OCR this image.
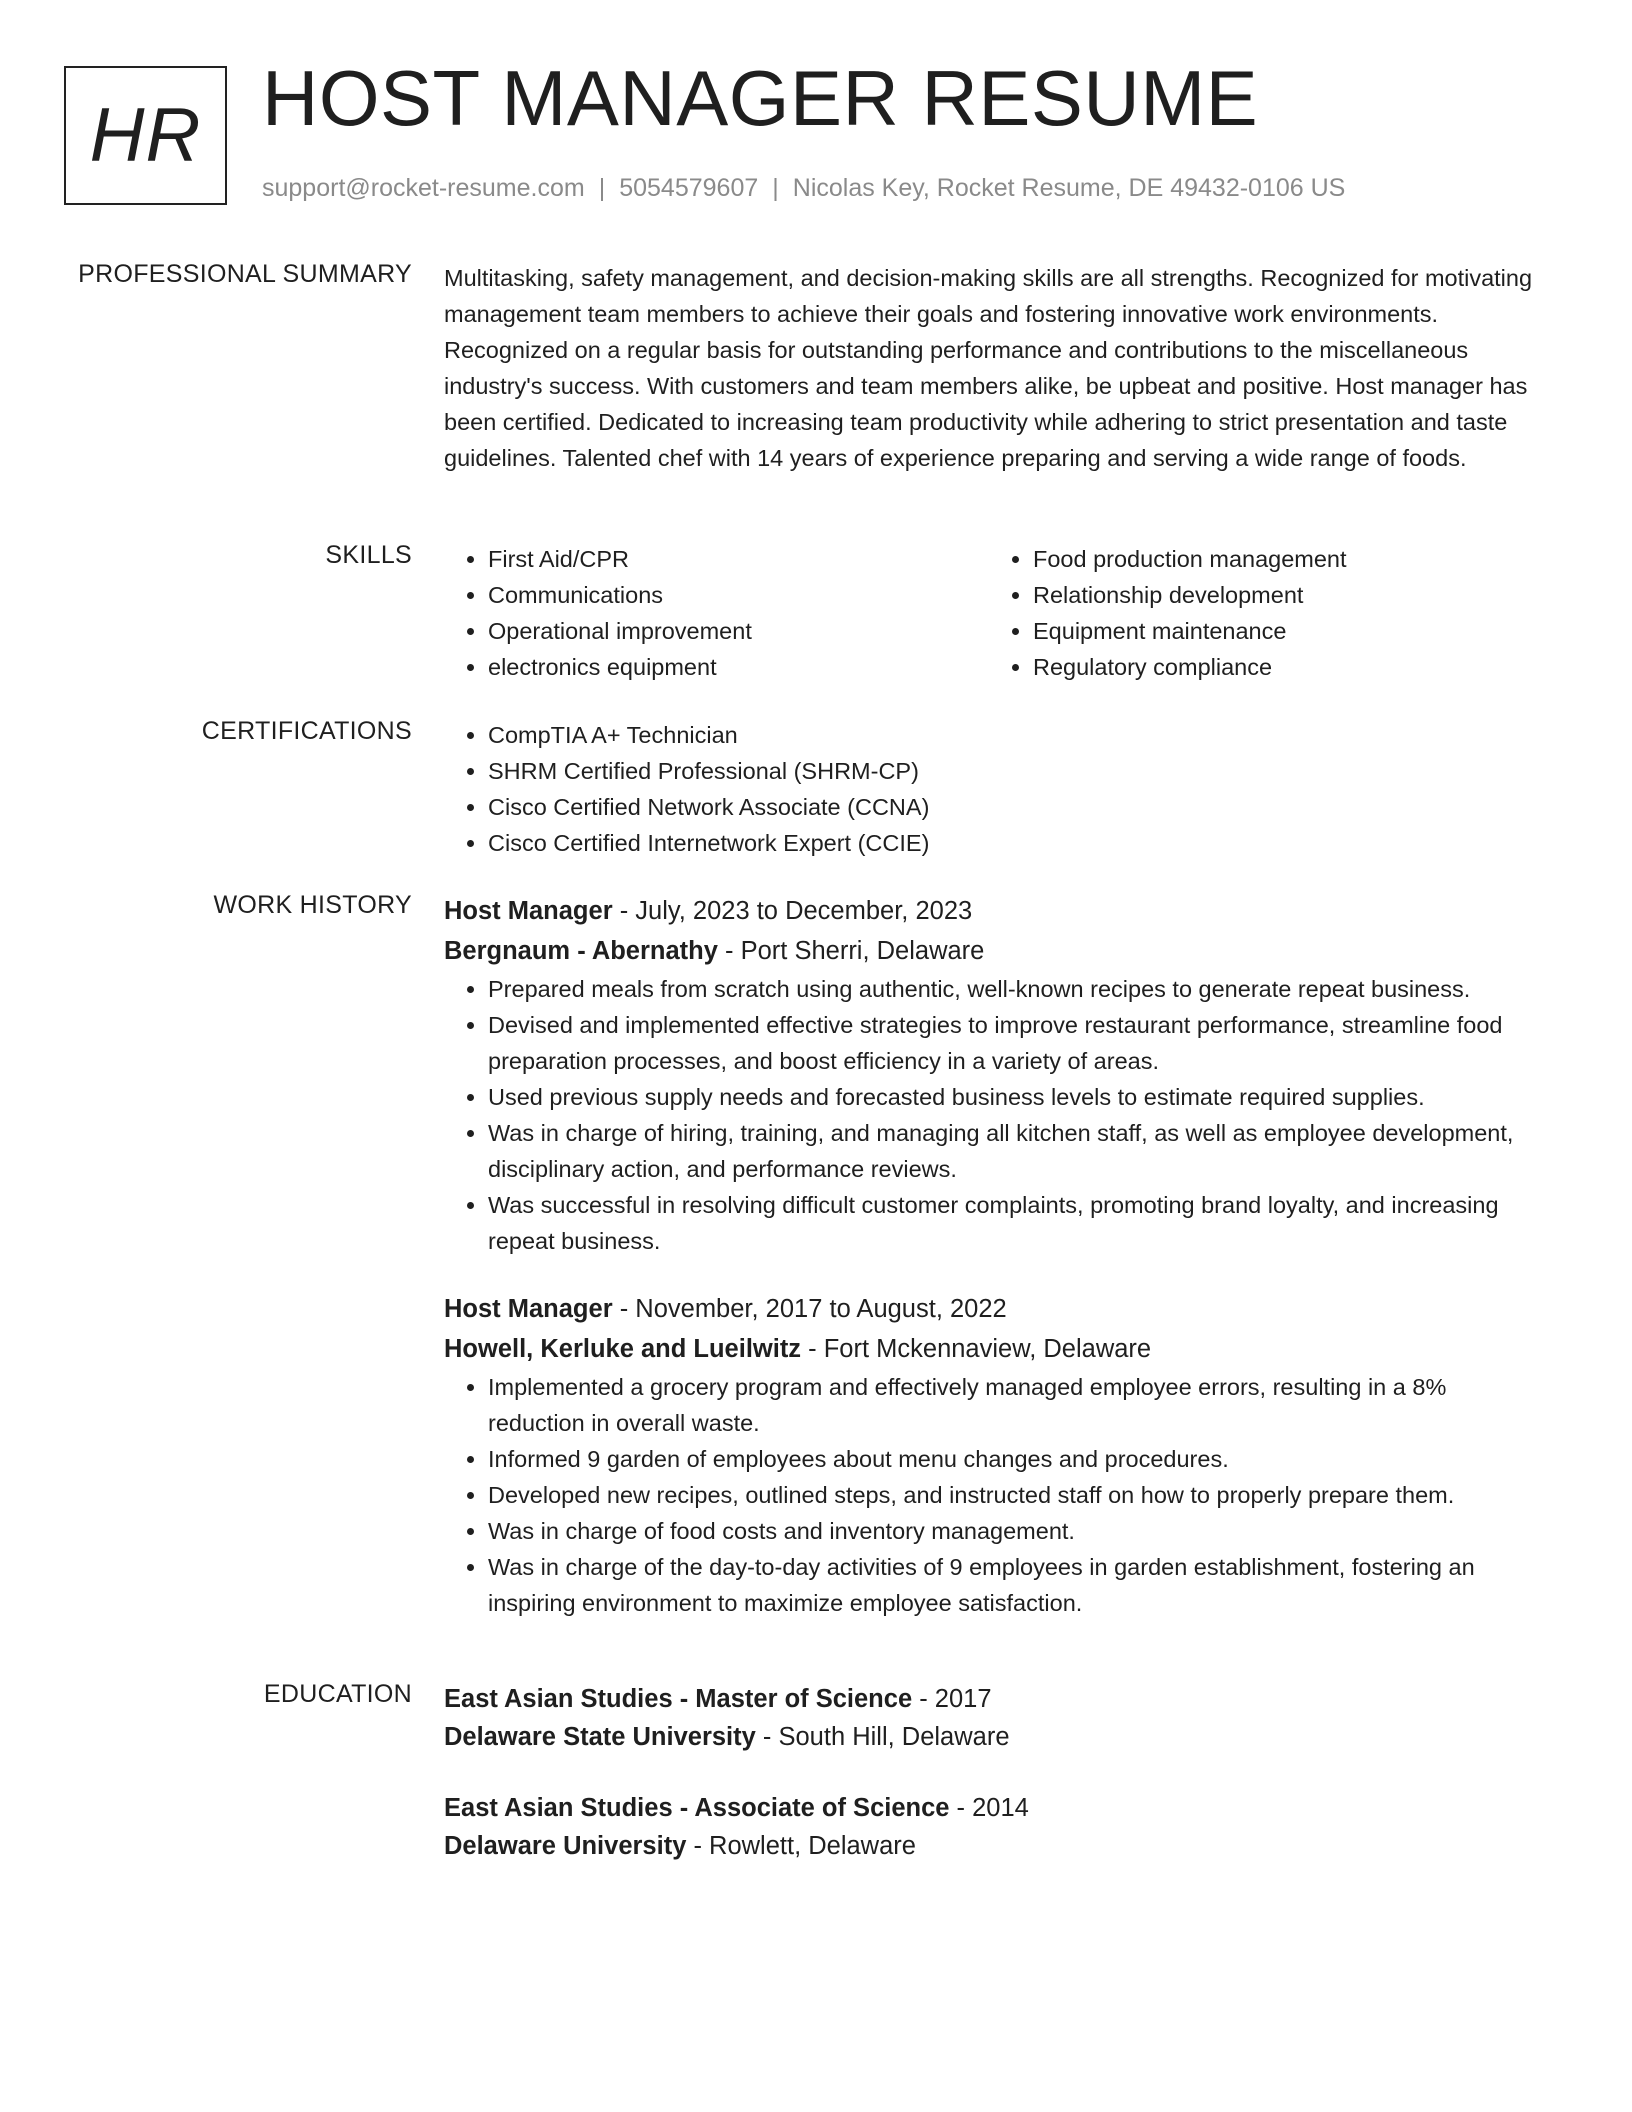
HR HOST MANAGER RESUME
support@rocket-resume.com | 5054579607 | Nicolas Key, Rocket Resume, DE 49432-0106 US
PROFESSIONAL SUMMARY Multitasking, safety management, and decision-making skills are all strengths. Recognized for motivating management team members to achieve their goals and fostering innovative work environments. Recognized on a regular basis for outstanding performance and contributions to the miscellaneous industry's success. With customers and team members alike, be upbeat and positive. Host manager has been certified. Dedicated to increasing team productivity while adhering to strict presentation and taste guidelines. Talented chef with 14 years of experience preparing and serving a wide range of foods.

SKILLS	• First Aid/CPR
• Communications
• Operational improvement
• electronics equipment
• Food production management
• Relationship development
• Equipment maintenance
• Regulatory compliance
CERTIFICATIONS	• CompTIA A+ Technician
• SHRM Certified Professional (SHRM-CP)
• Cisco Certified Network Associate (CCNA)
• Cisco Certified Internetwork Expert (CCIE)
WORK HISTORY Host Manager - July, 2023 to December, 2023
Bergnaum - Abernathy - Port Sherri, Delaware
• Prepared meals from scratch using authentic, well-known recipes to generate repeat business.
• Devised and implemented effective strategies to improve restaurant performance, streamline food preparation processes, and boost efficiency in a variety of areas.
• Used previous supply needs and forecasted business levels to estimate required supplies.
• Was in charge of hiring, training, and managing all kitchen staff, as well as employee development, disciplinary action, and performance reviews.
• Was successful in resolving difficult customer complaints, promoting brand loyalty, and increasing repeat business.
Host Manager - November, 2017 to August, 2022
Howell, Kerluke and Lueilwitz - Fort Mckennaview, Delaware
• Implemented a grocery program and effectively managed employee errors, resulting in a 8% reduction in overall waste.
• Informed 9 garden of employees about menu changes and procedures.
• Developed new recipes, outlined steps, and instructed staff on how to properly prepare them.
• Was in charge of food costs and inventory management.
• Was in charge of the day-to-day activities of 9 employees in garden establishment, fostering an inspiring environment to maximize employee satisfaction.
EDUCATION East Asian Studies - Master of Science - 2017
Delaware State University - South Hill, Delaware
East Asian Studies - Associate of Science - 2014
Delaware University - Rowlett, Delaware
